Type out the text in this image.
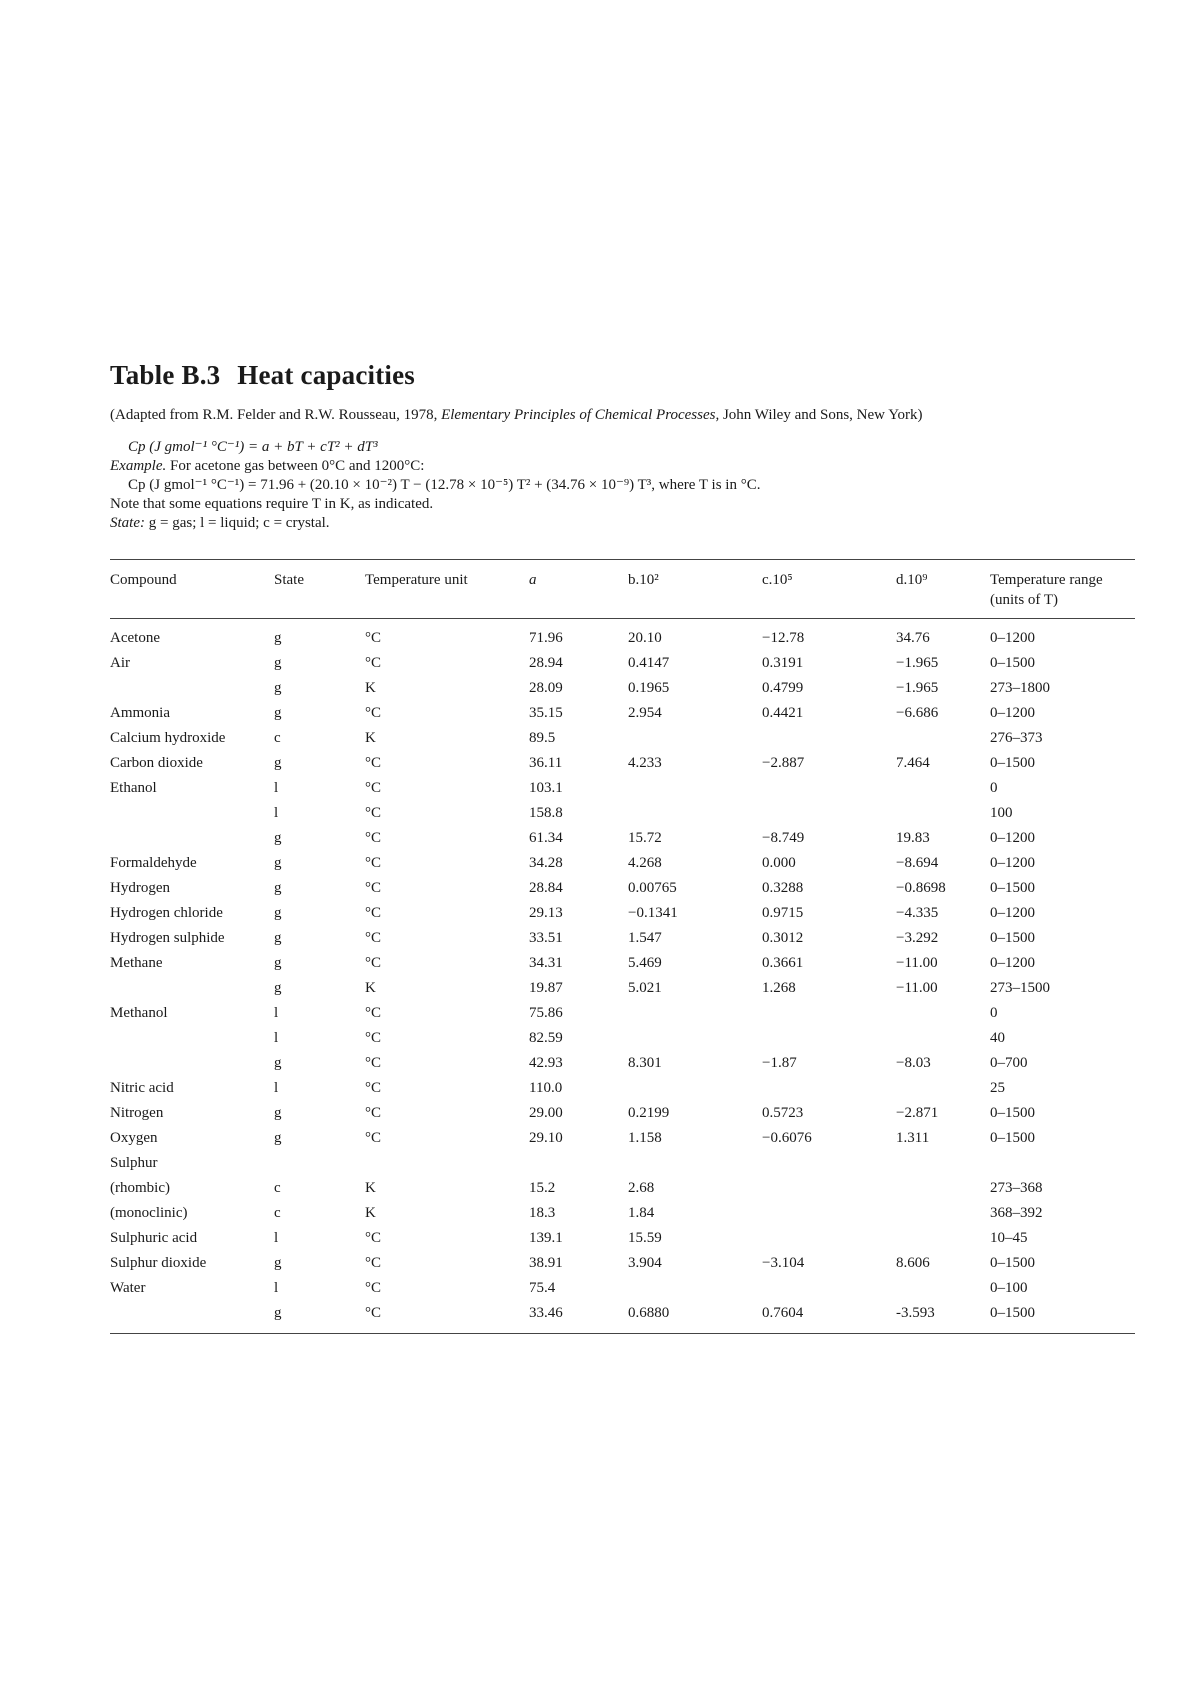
Table B.3 Heat capacities
(Adapted from R.M. Felder and R.W. Rousseau, 1978, Elementary Principles of Chemical Processes, John Wiley and Sons, New York)
Cp (J gmol⁻¹ °C⁻¹) = a + bT + cT² + dT³
Example. For acetone gas between 0°C and 1200°C:
Cp (J gmol⁻¹ °C⁻¹) = 71.96 + (20.10 × 10⁻²) T − (12.78 × 10⁻⁵) T² + (34.76 × 10⁻⁹) T³, where T is in °C.
Note that some equations require T in K, as indicated.
State: g = gas; l = liquid; c = crystal.
Compound	State	Temperature unit	a	b.10²	c.10⁵	d.10⁹	Temperature range (units of T)
Acetone	g	°C	71.96	20.10	−12.78	34.76	0–1200
Air	g	°C	28.94	0.4147	0.3191	−1.965	0–1500
	g	K	28.09	0.1965	0.4799	−1.965	273–1800
Ammonia	g	°C	35.15	2.954	0.4421	−6.686	0–1200
Calcium hydroxide	c	K	89.5				276–373
Carbon dioxide	g	°C	36.11	4.233	−2.887	7.464	0–1500
Ethanol	l	°C	103.1				0
	l	°C	158.8				100
	g	°C	61.34	15.72	−8.749	19.83	0–1200
Formaldehyde	g	°C	34.28	4.268	0.000	−8.694	0–1200
Hydrogen	g	°C	28.84	0.00765	0.3288	−0.8698	0–1500
Hydrogen chloride	g	°C	29.13	−0.1341	0.9715	−4.335	0–1200
Hydrogen sulphide	g	°C	33.51	1.547	0.3012	−3.292	0–1500
Methane	g	°C	34.31	5.469	0.3661	−11.00	0–1200
	g	K	19.87	5.021	1.268	−11.00	273–1500
Methanol	l	°C	75.86				0
	l	°C	82.59				40
	g	°C	42.93	8.301	−1.87	−8.03	0–700
Nitric acid	l	°C	110.0				25
Nitrogen	g	°C	29.00	0.2199	0.5723	−2.871	0–1500
Oxygen	g	°C	29.10	1.158	−0.6076	1.311	0–1500
Sulphur							
(rhombic)	c	K	15.2	2.68			273–368
(monoclinic)	c	K	18.3	1.84			368–392
Sulphuric acid	l	°C	139.1	15.59			10–45
Sulphur dioxide	g	°C	38.91	3.904	−3.104	8.606	0–1500
Water	l	°C	75.4				0–100
	g	°C	33.46	0.6880	0.7604	-3.593	0–1500
